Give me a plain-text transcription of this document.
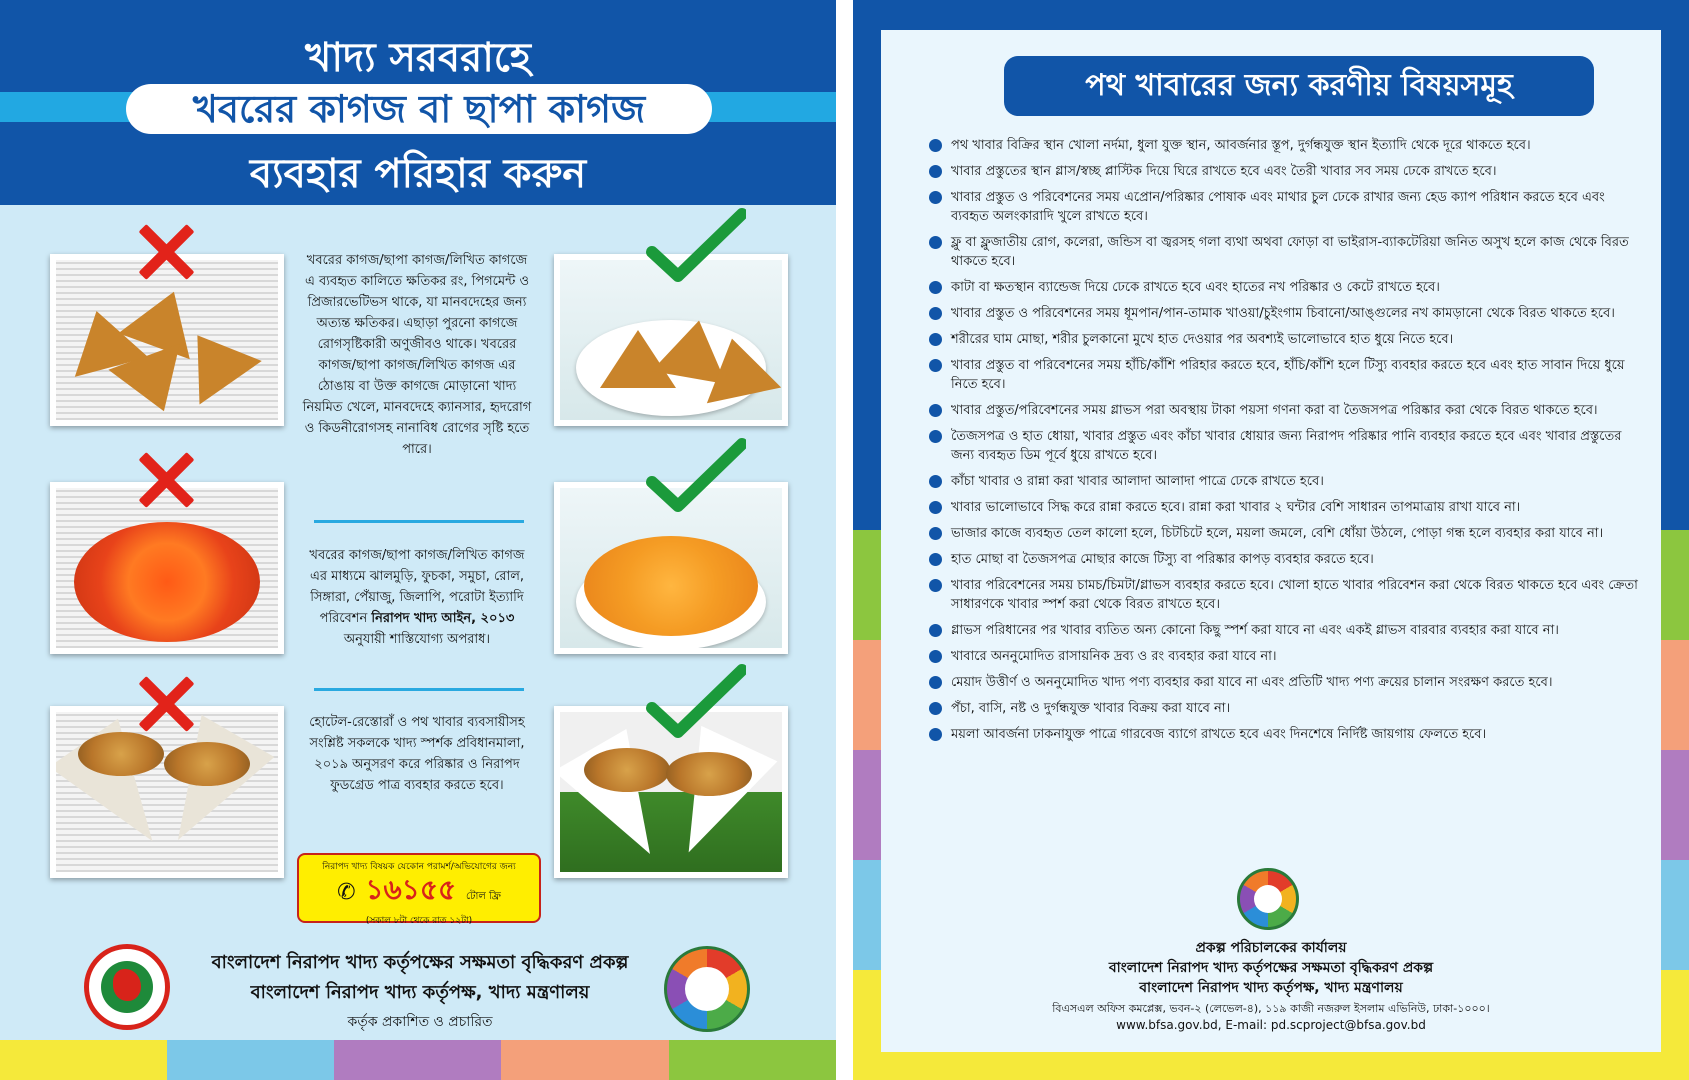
খাদ্য সরবরাহে
খবরের কাগজ বা ছাপা কাগজ
ব্যবহার পরিহার করুন
খবরের কাগজ/ছাপা কাগজ/লিখিত কাগজে এ ব্যবহৃত কালিতে ক্ষতিকর রং, পিগমেন্ট ও প্রিজারভেটিভস থাকে, যা মানবদেহের জন্য অত্যন্ত ক্ষতিকর। এছাড়া পুরনো কাগজে রোগসৃষ্টিকারী অণুজীবও থাকে। খবরের কাগজ/ছাপা কাগজ/লিখিত কাগজ এর ঠোঙায় বা উক্ত কাগজে মোড়ানো খাদ্য নিয়মিত খেলে, মানবদেহে ক্যানসার, হৃদরোগ ও কিডনীরোগসহ নানাবিধ রোগের সৃষ্টি হতে পারে।
খবরের কাগজ/ছাপা কাগজ/লিখিত কাগজ এর মাধ্যমে ঝালমুড়ি, ফুচকা, সমুচা, রোল, সিঙ্গারা, পেঁয়াজু, জিলাপি, পরোটা ইত্যাদি পরিবেশন নিরাপদ খাদ্য আইন, ২০১৩ অনুযায়ী শাস্তিযোগ্য অপরাধ।
হোটেল-রেস্তোরাঁ ও পথ খাবার ব্যবসায়ীসহ সংশ্লিষ্ট সকলকে খাদ্য স্পর্শক প্রবিধানমালা, ২০১৯ অনুসরণ করে পরিষ্কার ও নিরাপদ ফুডগ্রেড পাত্র ব্যবহার করতে হবে।
নিরাপদ খাদ্য বিষয়ক যেকোন পরামর্শ/অভিযোগের জন্য
✆ ১৬১৫৫ টোল ফ্রি
(সকাল ৮টা থেকে রাত ১২টা)
বাংলাদেশ নিরাপদ খাদ্য কর্তৃপক্ষের সক্ষমতা বৃদ্ধিকরণ প্রকল্প
বাংলাদেশ নিরাপদ খাদ্য কর্তৃপক্ষ, খাদ্য মন্ত্রণালয়
কর্তৃক প্রকাশিত ও প্রচারিত
পথ খাবারের জন্য করণীয় বিষয়সমূহ
পথ খাবার বিক্রির স্থান খোলা নর্দমা, ধুলা যুক্ত স্থান, আবর্জনার স্তূপ, দুর্গন্ধযুক্ত স্থান ইত্যাদি থেকে দূরে থাকতে হবে।
খাবার প্রস্তুতের স্থান গ্লাস/স্বচ্ছ প্লাস্টিক দিয়ে ঘিরে রাখতে হবে এবং তৈরী খাবার সব সময় ঢেকে রাখতে হবে।
খাবার প্রস্তুত ও পরিবেশনের সময় এপ্রোন/পরিষ্কার পোষাক এবং মাথার চুল ঢেকে রাখার জন্য হেড ক্যাপ পরিধান করতে হবে এবং ব্যবহৃত অলংকারাদি খুলে রাখতে হবে।
ফ্লু বা ফ্লুজাতীয় রোগ, কলেরা, জন্ডিস বা জ্বরসহ গলা ব্যথা অথবা ফোড়া বা ভাইরাস-ব্যাকটেরিয়া জনিত অসুখ হলে কাজ থেকে বিরত থাকতে হবে।
কাটা বা ক্ষতস্থান ব্যান্ডেজ দিয়ে ঢেকে রাখতে হবে এবং হাতের নখ পরিষ্কার ও কেটে রাখতে হবে।
খাবার প্রস্তুত ও পরিবেশনের সময় ধূমপান/পান-তামাক খাওয়া/চুইংগাম চিবানো/আঙ্গুলের নখ কামড়ানো থেকে বিরত থাকতে হবে।
শরীরের ঘাম মোছা, শরীর চুলকানো মুখে হাত দেওয়ার পর অবশ্যই ভালোভাবে হাত ধুয়ে নিতে হবে।
খাবার প্রস্তুত বা পরিবেশনের সময় হাঁচি/কাঁশি পরিহার করতে হবে, হাঁচি/কাঁশি হলে টিস্যু ব্যবহার করতে হবে এবং হাত সাবান দিয়ে ধুয়ে নিতে হবে।
খাবার প্রস্তুত/পরিবেশনের সময় গ্লাভস পরা অবস্থায় টাকা পয়সা গণনা করা বা তৈজসপত্র পরিষ্কার করা থেকে বিরত থাকতে হবে।
তৈজসপত্র ও হাত ধোয়া, খাবার প্রস্তুত এবং কাঁচা খাবার ধোয়ার জন্য নিরাপদ পরিষ্কার পানি ব্যবহার করতে হবে এবং খাবার প্রস্তুতের জন্য ব্যবহৃত ডিম পূর্বে ধুয়ে রাখতে হবে।
কাঁচা খাবার ও রান্না করা খাবার আলাদা আলাদা পাত্রে ঢেকে রাখতে হবে।
খাবার ভালোভাবে সিদ্ধ করে রান্না করতে হবে। রান্না করা খাবার ২ ঘন্টার বেশি সাধারন তাপমাত্রায় রাখা যাবে না।
ভাজার কাজে ব্যবহৃত তেল কালো হলে, চিটচিটে হলে, ময়লা জমলে, বেশি ধোঁয়া উঠলে, পোড়া গন্ধ হলে ব্যবহার করা যাবে না।
হাত মোছা বা তৈজসপত্র মোছার কাজে টিস্যু বা পরিষ্কার কাপড় ব্যবহার করতে হবে।
খাবার পরিবেশনের সময় চামচ/চিমটা/গ্লাভস ব্যবহার করতে হবে। খোলা হাতে খাবার পরিবেশন করা থেকে বিরত থাকতে হবে এবং ক্রেতা সাধারণকে খাবার স্পর্শ করা থেকে বিরত রাখতে হবে।
গ্লাভস পরিধানের পর খাবার ব্যতিত অন্য কোনো কিছু স্পর্শ করা যাবে না এবং একই গ্লাভস বারবার ব্যবহার করা যাবে না।
খাবারে অননুমোদিত রাসায়নিক দ্রব্য ও রং ব্যবহার করা যাবে না।
মেয়াদ উত্তীর্ণ ও অননুমোদিত খাদ্য পণ্য ব্যবহার করা যাবে না এবং প্রতিটি খাদ্য পণ্য ক্রয়ের চালান সংরক্ষণ করতে হবে।
পঁচা, বাসি, নষ্ট ও দুর্গন্ধযুক্ত খাবার বিক্রয় করা যাবে না।
ময়লা আবর্জনা ঢাকনাযুক্ত পাত্রে গারবেজ ব্যাগে রাখতে হবে এবং দিনশেষে নির্দিষ্ট জায়গায় ফেলতে হবে।
প্রকল্প পরিচালকের কার্যালয়
বাংলাদেশ নিরাপদ খাদ্য কর্তৃপক্ষের সক্ষমতা বৃদ্ধিকরণ প্রকল্প
বাংলাদেশ নিরাপদ খাদ্য কর্তৃপক্ষ, খাদ্য মন্ত্রণালয়
বিএসএল অফিস কমপ্লেক্স, ভবন-২ (লেভেল-৪), ১১৯ কাজী নজরুল ইসলাম এভিনিউ, ঢাকা-১০০০।
www.bfsa.gov.bd, E-mail: pd.scproject@bfsa.gov.bd
